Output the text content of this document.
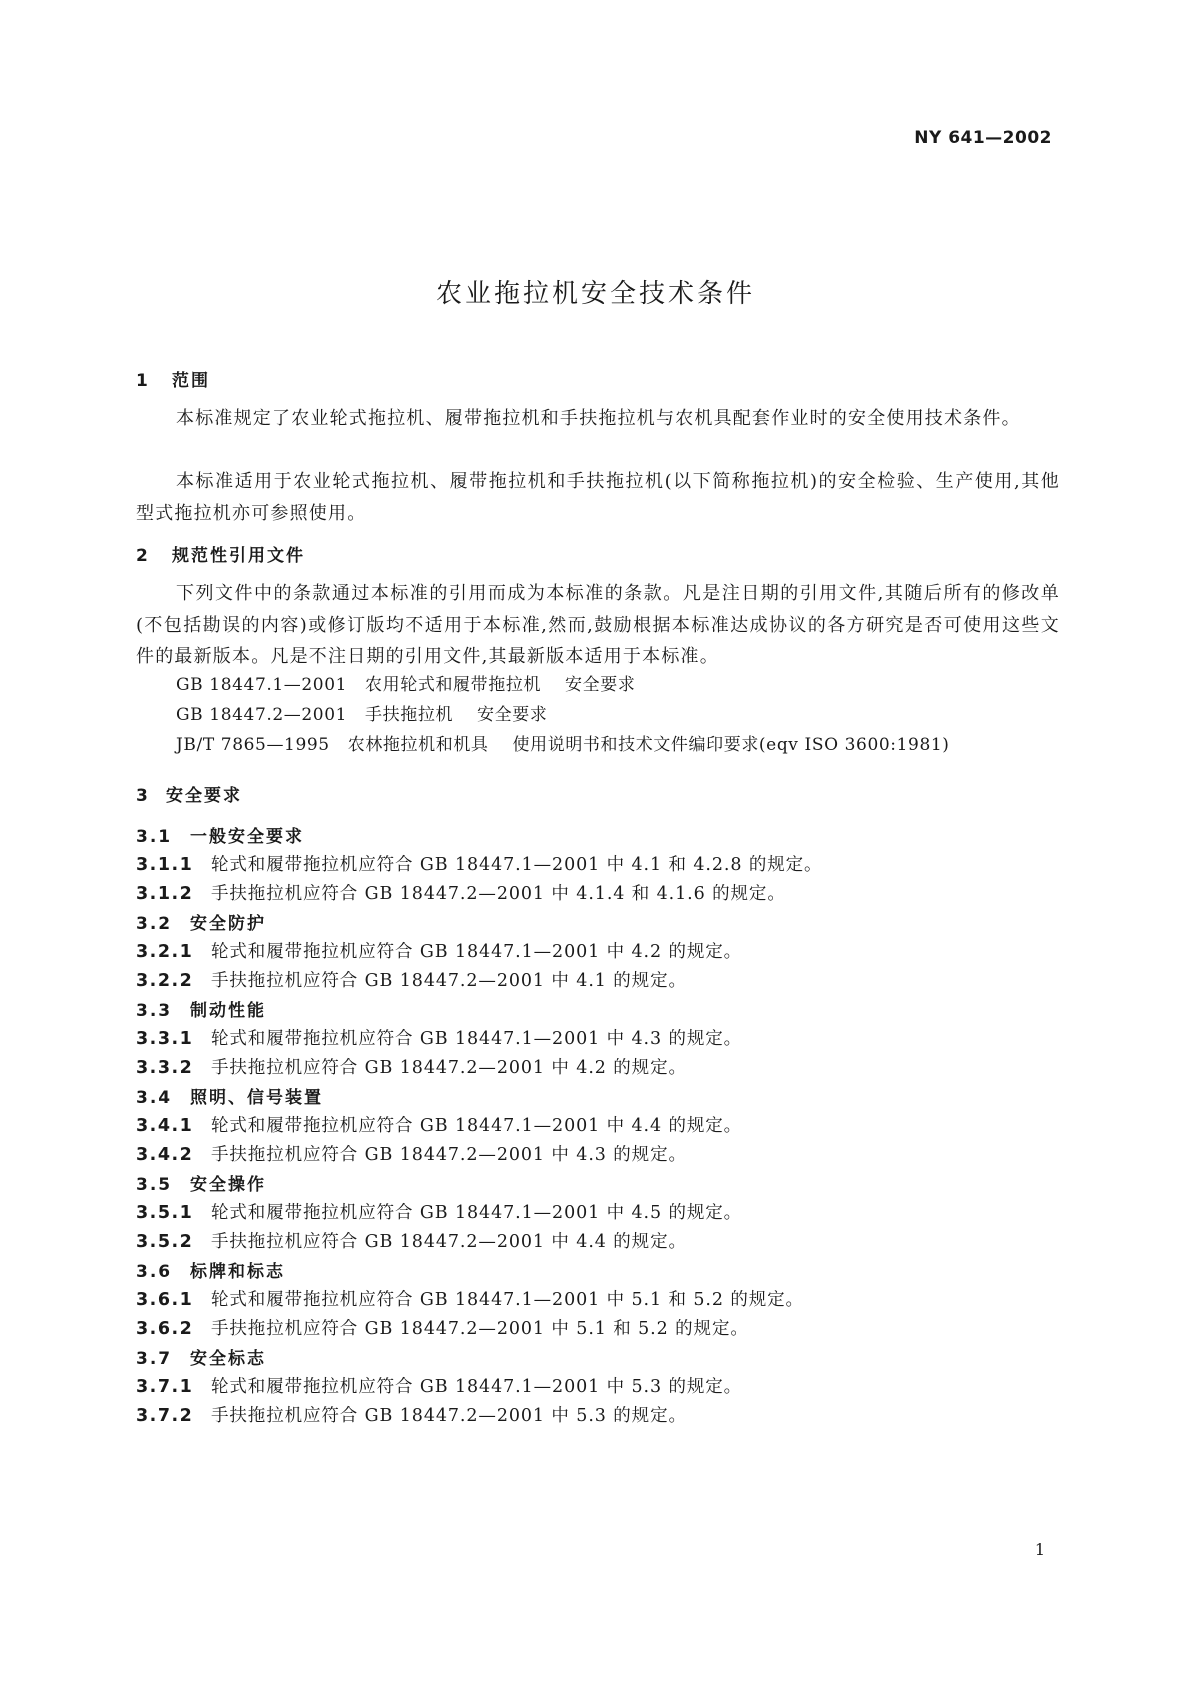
NY 641—2002
农业拖拉机安全技术条件
1 范围
本标准规定了农业轮式拖拉机、履带拖拉机和手扶拖拉机与农机具配套作业时的安全使用技术条件。
本标准适用于农业轮式拖拉机、履带拖拉机和手扶拖拉机(以下简称拖拉机)的安全检验、生产使用,其他型式拖拉机亦可参照使用。
2 规范性引用文件
下列文件中的条款通过本标准的引用而成为本标准的条款。凡是注日期的引用文件,其随后所有的修改单(不包括勘误的内容)或修订版均不适用于本标准,然而,鼓励根据本标准达成协议的各方研究是否可使用这些文件的最新版本。凡是不注日期的引用文件,其最新版本适用于本标准。
GB 18447.1—2001 农用轮式和履带拖拉机 安全要求
GB 18447.2—2001 手扶拖拉机 安全要求
JB/T 7865—1995 农林拖拉机和机具 使用说明书和技术文件编印要求(eqv ISO 3600:1981)
3 安全要求
3.1 一般安全要求
3.1.1 轮式和履带拖拉机应符合 GB 18447.1—2001 中 4.1 和 4.2.8 的规定。
3.1.2 手扶拖拉机应符合 GB 18447.2—2001 中 4.1.4 和 4.1.6 的规定。
3.2 安全防护
3.2.1 轮式和履带拖拉机应符合 GB 18447.1—2001 中 4.2 的规定。
3.2.2 手扶拖拉机应符合 GB 18447.2—2001 中 4.1 的规定。
3.3 制动性能
3.3.1 轮式和履带拖拉机应符合 GB 18447.1—2001 中 4.3 的规定。
3.3.2 手扶拖拉机应符合 GB 18447.2—2001 中 4.2 的规定。
3.4 照明、信号装置
3.4.1 轮式和履带拖拉机应符合 GB 18447.1—2001 中 4.4 的规定。
3.4.2 手扶拖拉机应符合 GB 18447.2—2001 中 4.3 的规定。
3.5 安全操作
3.5.1 轮式和履带拖拉机应符合 GB 18447.1—2001 中 4.5 的规定。
3.5.2 手扶拖拉机应符合 GB 18447.2—2001 中 4.4 的规定。
3.6 标牌和标志
3.6.1 轮式和履带拖拉机应符合 GB 18447.1—2001 中 5.1 和 5.2 的规定。
3.6.2 手扶拖拉机应符合 GB 18447.2—2001 中 5.1 和 5.2 的规定。
3.7 安全标志
3.7.1 轮式和履带拖拉机应符合 GB 18447.1—2001 中 5.3 的规定。
3.7.2 手扶拖拉机应符合 GB 18447.2—2001 中 5.3 的规定。
1
